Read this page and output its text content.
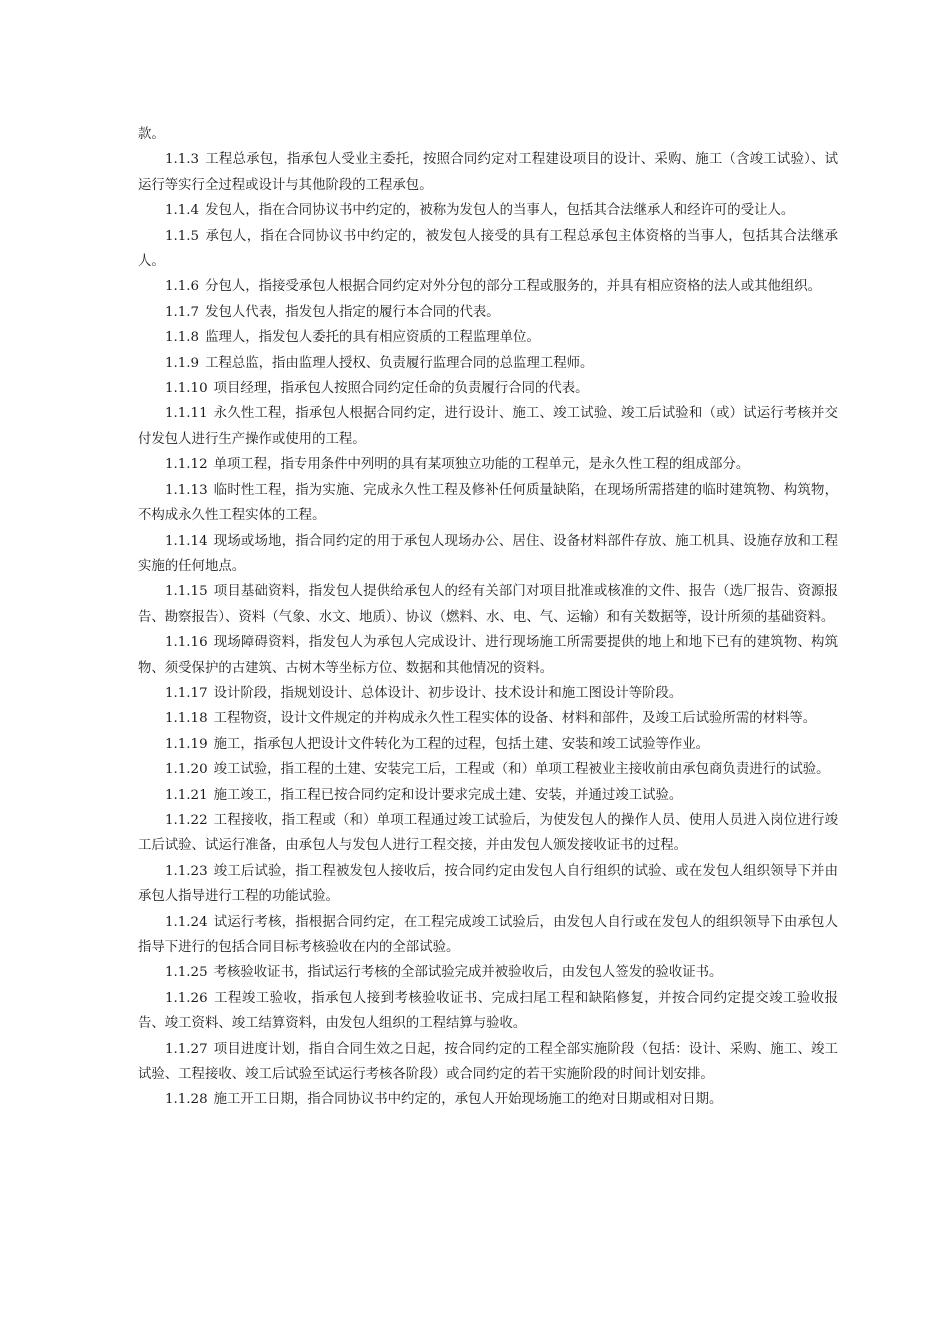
款。

1.1.3 工程总承包，指承包人受业主委托，按照合同约定对工程建设项目的设计、采购、施工（含竣工试验）、试运行等实行全过程或设计与其他阶段的工程承包。

1.1.4 发包人，指在合同协议书中约定的，被称为发包人的当事人，包括其合法继承人和经许可的受让人。

1.1.5 承包人，指在合同协议书中约定的，被发包人接受的具有工程总承包主体资格的当事人，包括其合法继承人。

1.1.6 分包人，指接受承包人根据合同约定对外分包的部分工程或服务的，并具有相应资格的法人或其他组织。

1.1.7 发包人代表，指发包人指定的履行本合同的代表。

1.1.8 监理人，指发包人委托的具有相应资质的工程监理单位。

1.1.9 工程总监，指由监理人授权、负责履行监理合同的总监理工程师。

1.1.10 项目经理，指承包人按照合同约定任命的负责履行合同的代表。

1.1.11 永久性工程，指承包人根据合同约定，进行设计、施工、竣工试验、竣工后试验和（或）试运行考核并交付发包人进行生产操作或使用的工程。

1.1.12 单项工程，指专用条件中列明的具有某项独立功能的工程单元，是永久性工程的组成部分。

1.1.13 临时性工程，指为实施、完成永久性工程及修补任何质量缺陷，在现场所需搭建的临时建筑物、构筑物，不构成永久性工程实体的工程。

1.1.14 现场或场地，指合同约定的用于承包人现场办公、居住、设备材料部件存放、施工机具、设施存放和工程实施的任何地点。

1.1.15 项目基础资料，指发包人提供给承包人的经有关部门对项目批准或核准的文件、报告（选厂报告、资源报告、勘察报告）、资料（气象、水文、地质）、协议（燃料、水、电、气、运输）和有关数据等，设计所须的基础资料。

1.1.16 现场障碍资料，指发包人为承包人完成设计、进行现场施工所需要提供的地上和地下已有的建筑物、构筑物、须受保护的古建筑、古树木等坐标方位、数据和其他情况的资料。

1.1.17 设计阶段，指规划设计、总体设计、初步设计、技术设计和施工图设计等阶段。

1.1.18 工程物资，设计文件规定的并构成永久性工程实体的设备、材料和部件，及竣工后试验所需的材料等。

1.1.19 施工，指承包人把设计文件转化为工程的过程，包括土建、安装和竣工试验等作业。

1.1.20 竣工试验，指工程的土建、安装完工后，工程或（和）单项工程被业主接收前由承包商负责进行的试验。

1.1.21 施工竣工，指工程已按合同约定和设计要求完成土建、安装，并通过竣工试验。

1.1.22 工程接收，指工程或（和）单项工程通过竣工试验后，为使发包人的操作人员、使用人员进入岗位进行竣工后试验、试运行准备，由承包人与发包人进行工程交接，并由发包人颁发接收证书的过程。

1.1.23 竣工后试验，指工程被发包人接收后，按合同约定由发包人自行组织的试验、或在发包人组织领导下并由承包人指导进行工程的功能试验。

1.1.24 试运行考核，指根据合同约定，在工程完成竣工试验后，由发包人自行或在发包人的组织领导下由承包人指导下进行的包括合同目标考核验收在内的全部试验。

1.1.25 考核验收证书，指试运行考核的全部试验完成并被验收后，由发包人签发的验收证书。

1.1.26 工程竣工验收，指承包人接到考核验收证书、完成扫尾工程和缺陷修复，并按合同约定提交竣工验收报告、竣工资料、竣工结算资料，由发包人组织的工程结算与验收。

1.1.27 项目进度计划，指自合同生效之日起，按合同约定的工程全部实施阶段（包括：设计、采购、施工、竣工试验、工程接收、竣工后试验至试运行考核各阶段）或合同约定的若干实施阶段的时间计划安排。

1.1.28 施工开工日期，指合同协议书中约定的，承包人开始现场施工的绝对日期或相对日期。
